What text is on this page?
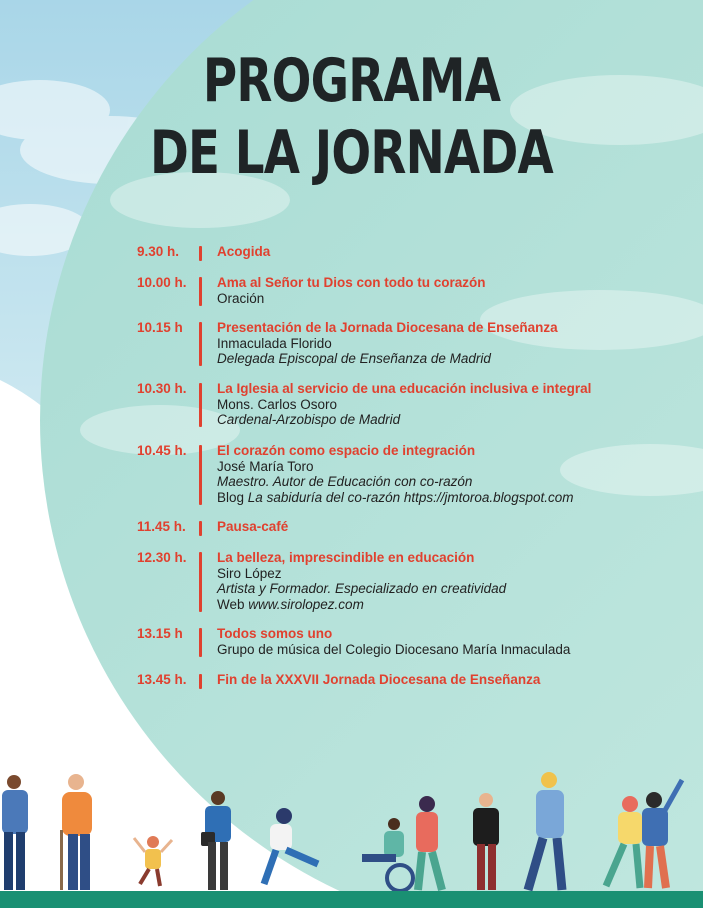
PROGRAMA
DE LA JORNADA
9.30 h.	Acogida
10.00 h. Ama al Señor tu Dios con todo tu corazón
Oración
10.15 h	Presentación de la Jornada Diocesana de Enseñanza
Inmaculada Florido
Delegada Episcopal de Enseñanza de Madrid
10.30 h. La Iglesia al servicio de una educación inclusiva e integral
Mons. Carlos Osoro
Cardenal-Arzobispo de Madrid
10.45 h. El corazón como espacio de integración
José María Toro
Maestro. Autor de Educación con co-razón
Blog La sabiduría del co-razón https://jmtoroa.blogspot.com
11.45 h. Pausa-café
12.30 h. La belleza, imprescindible en educación
Siro López
Artista y Formador. Especializado en creatividad
Web www.sirolopez.com
13.15 h	Todos somos uno
Grupo de música del Colegio Diocesano María Inmaculada
13.45 h. Fin de la XXXVII Jornada Diocesana de Enseñanza
